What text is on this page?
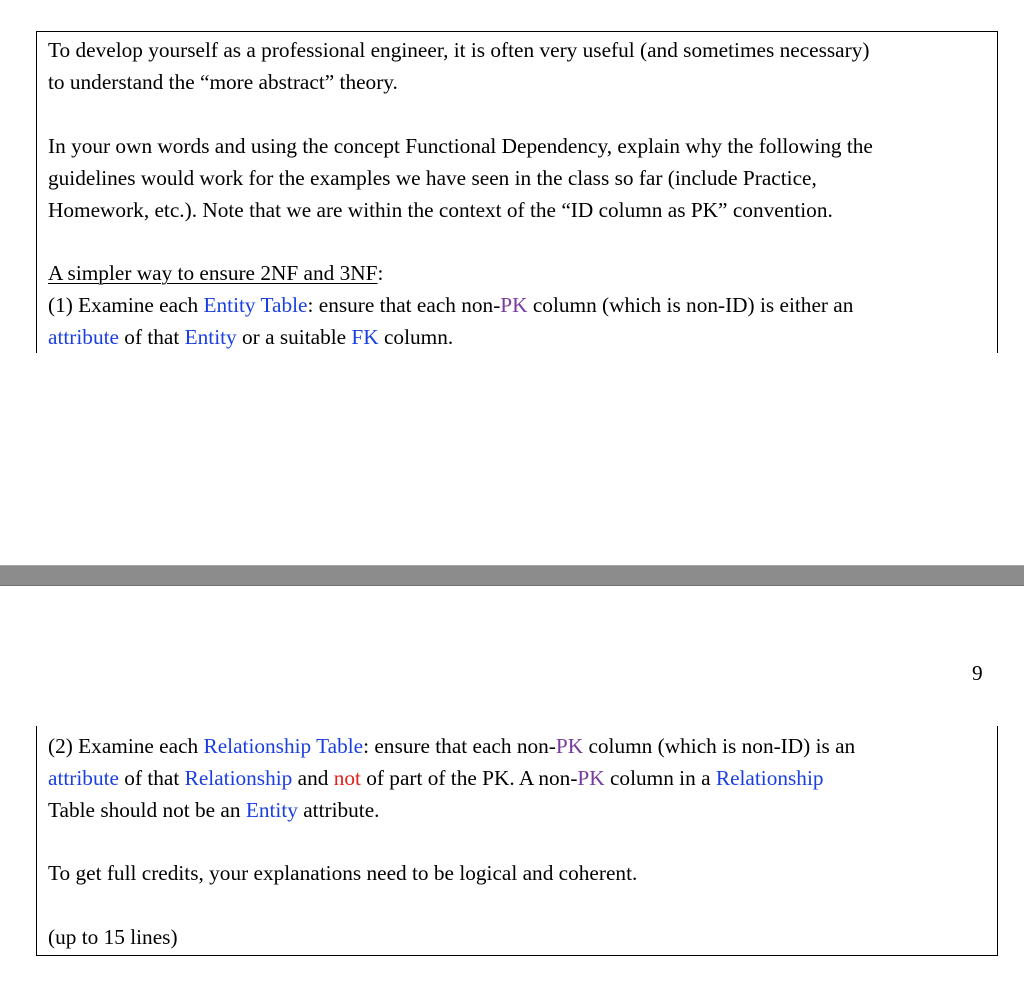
To develop yourself as a professional engineer, it is often very useful (and sometimes necessary)

to understand the “more abstract” theory.

In your own words and using the concept Functional Dependency, explain why the following the

guidelines would work for the examples we have seen in the class so far (include Practice,

Homework, etc.). Note that we are within the context of the “ID column as PK” convention.

A simpler way to ensure 2NF and 3NF:

(1) Examine each Entity Table: ensure that each non-PK column (which is non-ID) is either an

attribute of that Entity or a suitable FK column.

9

(2) Examine each Relationship Table: ensure that each non-PK column (which is non-ID) is an

attribute of that Relationship and not of part of the PK. A non-PK column in a Relationship

Table should not be an Entity attribute.

To get full credits, your explanations need to be logical and coherent.

(up to 15 lines)
